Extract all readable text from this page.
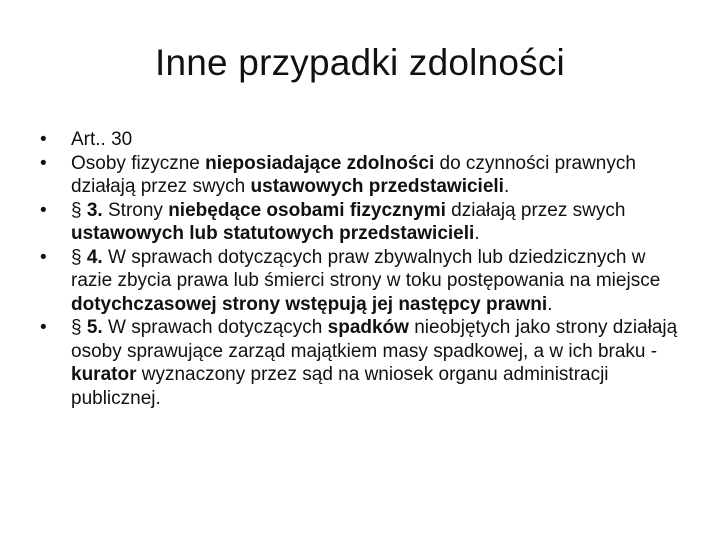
Inne przypadki zdolności
•	Art.. 30
•	Osoby fizyczne nieposiadające zdolności do czynności prawnych działają przez swych ustawowych przedstawicieli.
•	§ 3. Strony niebędące osobami fizycznymi działają przez swych ustawowych lub statutowych przedstawicieli.
•	§ 4. W sprawach dotyczących praw zbywalnych lub dziedzicznych w razie zbycia prawa lub śmierci strony w toku postępowania na miejsce dotychczasowej strony wstępują jej następcy prawni.
•	§ 5. W sprawach dotyczących spadków nieobjętych jako strony działają osoby sprawujące zarząd majątkiem masy spadkowej, a w ich braku - kurator wyznaczony przez sąd na wniosek organu administracji publicznej.
